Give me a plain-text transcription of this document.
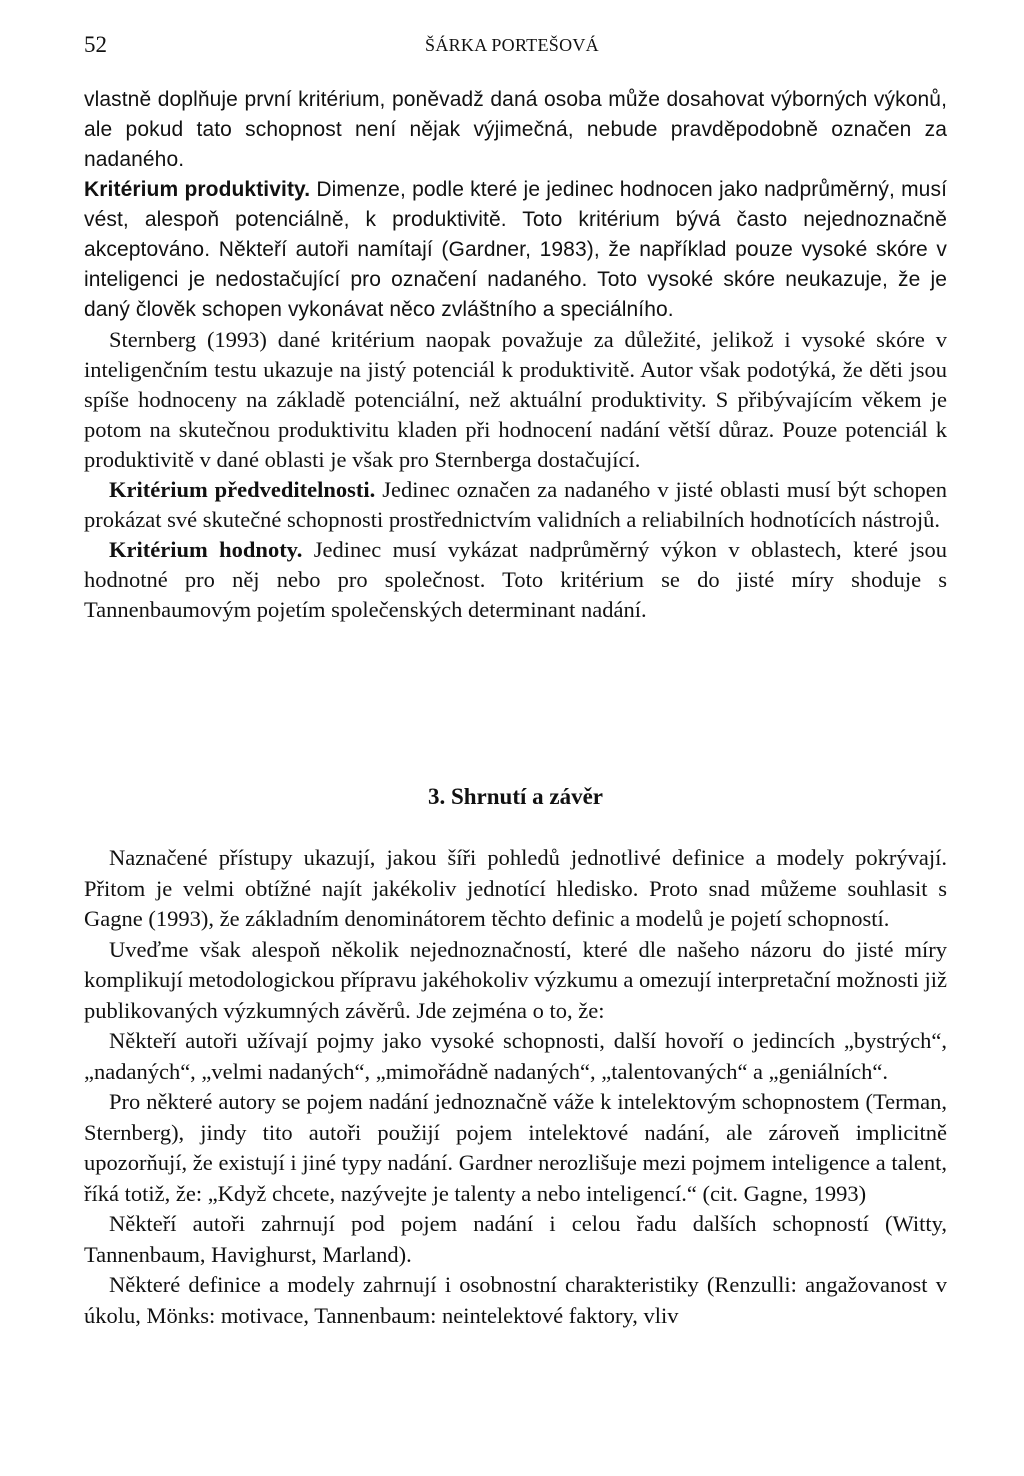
52	ŠÁRKA PORTEŠOVÁ

vlastně doplňuje první kritérium, poněvadž daná osoba může dosahovat výborných výkonů, ale pokud tato schopnost není nějak výjimečná, nebude pravděpodobně označen za nadaného.

Kritérium produktivity. Dimenze, podle které je jedinec hodnocen jako nadprůměrný, musí vést, alespoň potenciálně, k produktivitě. Toto kritérium bývá často nejednoznačně akceptováno. Někteří autoři namítají (Gardner, 1983), že například pouze vysoké skóre v inteligenci je nedostačující pro označení nadaného. Toto vysoké skóre neukazuje, že je daný člověk schopen vykonávat něco zvláštního a speciálního.

Sternberg (1993) dané kritérium naopak považuje za důležité, jelikož i vysoké skóre v inteligenčním testu ukazuje na jistý potenciál k produktivitě. Autor však podotýká, že děti jsou spíše hodnoceny na základě potenciální, než aktuální produktivity. S přibývajícím věkem je potom na skutečnou produktivitu kladen při hodnocení nadání větší důraz. Pouze potenciál k produktivitě v dané oblasti je však pro Sternberga dostačující.

Kritérium předveditelnosti. Jedinec označen za nadaného v jisté oblasti musí být schopen prokázat své skutečné schopnosti prostřednictvím validních a reliabilních hodnotících nástrojů.

Kritérium hodnoty. Jedinec musí vykázat nadprůměrný výkon v oblastech, které jsou hodnotné pro něj nebo pro společnost. Toto kritérium se do jisté míry shoduje s Tannenbaumovým pojetím společenských determinant nadání.

3. Shrnutí a závěr

Naznačené přístupy ukazují, jakou šíři pohledů jednotlivé definice a modely pokrývají. Přitom je velmi obtížné najít jakékoliv jednotící hledisko. Proto snad můžeme souhlasit s Gagne (1993), že základním denominátorem těchto definic a modelů je pojetí schopností.

Uveďme však alespoň několik nejednoznačností, které dle našeho názoru do jisté míry komplikují metodologickou přípravu jakéhokoliv výzkumu a omezují interpretační možnosti již publikovaných výzkumných závěrů. Jde zejména o to, že:

Někteří autoři užívají pojmy jako vysoké schopnosti, další hovoří o jedincích „bystrých“, „nadaných“, „velmi nadaných“, „mimořádně nadaných“, „talentovaných“ a „geniálních“.

Pro některé autory se pojem nadání jednoznačně váže k intelektovým schopnostem (Terman, Sternberg), jindy tito autoři použijí pojem intelektové nadání, ale zároveň implicitně upozorňují, že existují i jiné typy nadání. Gardner nerozlišuje mezi pojmem inteligence a talent, říká totiž, že: „Když chcete, nazývejte je talenty a nebo inteligencí.“ (cit. Gagne, 1993)

Někteří autoři zahrnují pod pojem nadání i celou řadu dalších schopností (Witty, Tannenbaum, Havighurst, Marland).

Některé definice a modely zahrnují i osobnostní charakteristiky (Renzulli: angažovanost v úkolu, Mönks: motivace, Tannenbaum: neintelektové faktory, vliv
